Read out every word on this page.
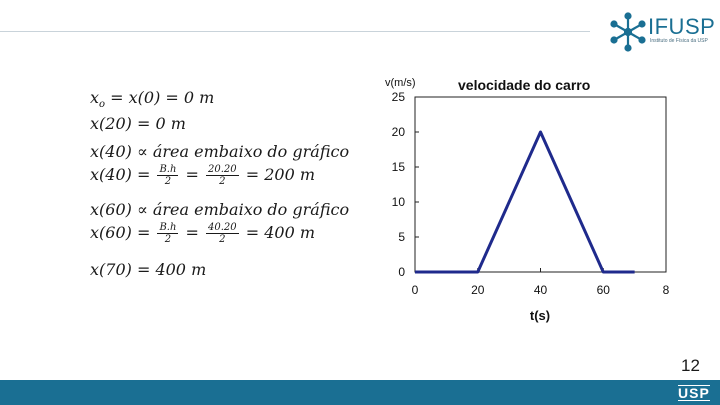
IFUSP
Instituto de Física da USP
$x_o = x(0) = 0$ m
x(20) = 0 m
x(40) ∝ área embaixo do gráfico
$x(40) = \frac{B.h}{2} = \frac{20.20}{2} = 200$ m
x(60) ∝ área embaixo do gráfico
$x(60) = \frac{B.h}{2} = \frac{40.20}{2} = 400$ m
x(70) = 400 m
v(m/s)	velocidade do carro
t(s)
0
5
10
15
20
25
0	20	40	60	8
12
USP
